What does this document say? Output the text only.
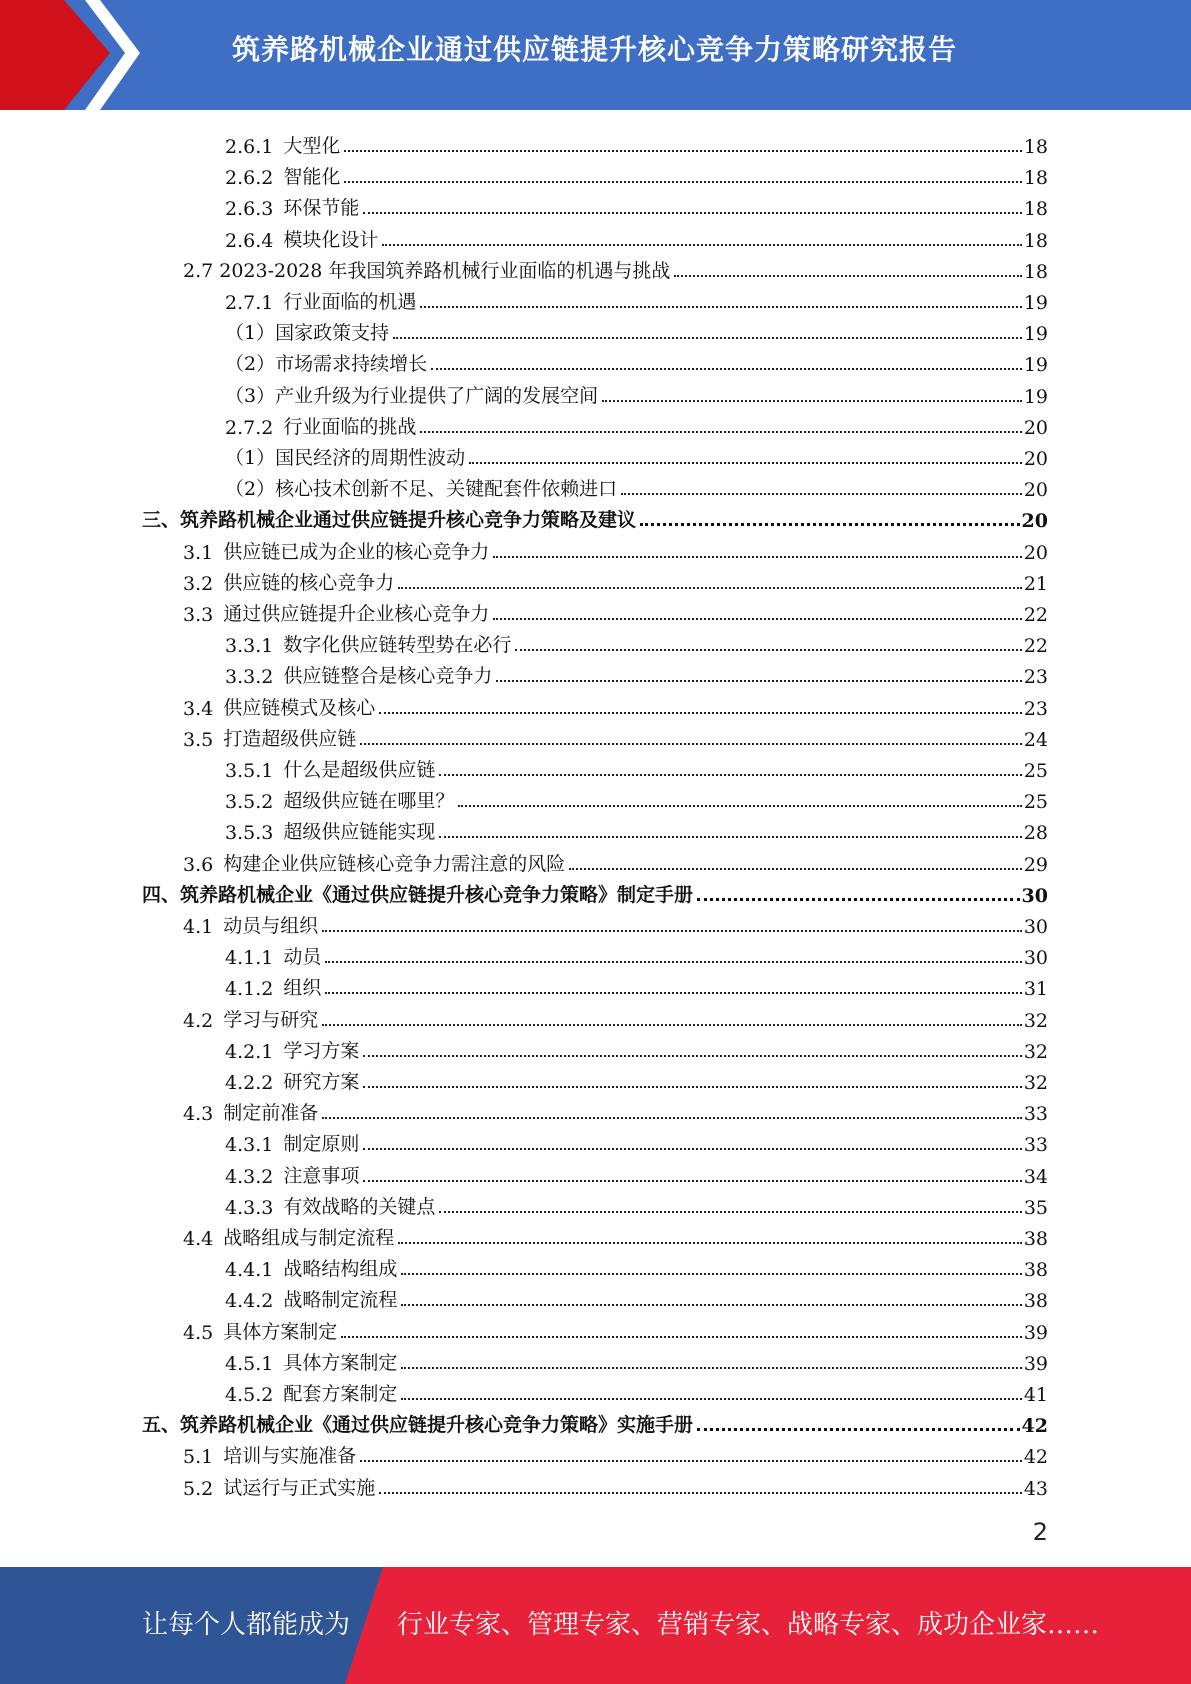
筑养路机械企业通过供应链提升核心竞争力策略研究报告
2.6.1 大型化	18
2.6.2 智能化	18
2.6.3 环保节能	18
2.6.4 模块化设计	18
2.7 2023-2028 年我国筑养路机械行业面临的机遇与挑战	18
2.7.1 行业面临的机遇	19
（1）国家政策支持	19
（2）市场需求持续增长	19
（3）产业升级为行业提供了广阔的发展空间	19
2.7.2 行业面临的挑战	20
（1）国民经济的周期性波动	20
（2）核心技术创新不足、关键配套件依赖进口	20
三、筑养路机械企业通过供应链提升核心竞争力策略及建议	20
3.1 供应链已成为企业的核心竞争力	20
3.2 供应链的核心竞争力	21
3.3 通过供应链提升企业核心竞争力	22
3.3.1 数字化供应链转型势在必行	22
3.3.2 供应链整合是核心竞争力	23
3.4 供应链模式及核心	23
3.5 打造超级供应链	24
3.5.1 什么是超级供应链	25
3.5.2 超级供应链在哪里？	25
3.5.3 超级供应链能实现	28
3.6 构建企业供应链核心竞争力需注意的风险	29
四、筑养路机械企业《通过供应链提升核心竞争力策略》制定手册	30
4.1 动员与组织	30
4.1.1 动员	30
4.1.2 组织	31
4.2 学习与研究	32
4.2.1 学习方案	32
4.2.2 研究方案	32
4.3 制定前准备	33
4.3.1 制定原则	33
4.3.2 注意事项	34
4.3.3 有效战略的关键点	35
4.4 战略组成与制定流程	38
4.4.1 战略结构组成	38
4.4.2 战略制定流程	38
4.5 具体方案制定	39
4.5.1 具体方案制定	39
4.5.2 配套方案制定	41
五、筑养路机械企业《通过供应链提升核心竞争力策略》实施手册	42
5.1 培训与实施准备	42
5.2 试运行与正式实施	43
2
让每个人都能成为 行业专家、管理专家、营销专家、战略专家、成功企业家……
